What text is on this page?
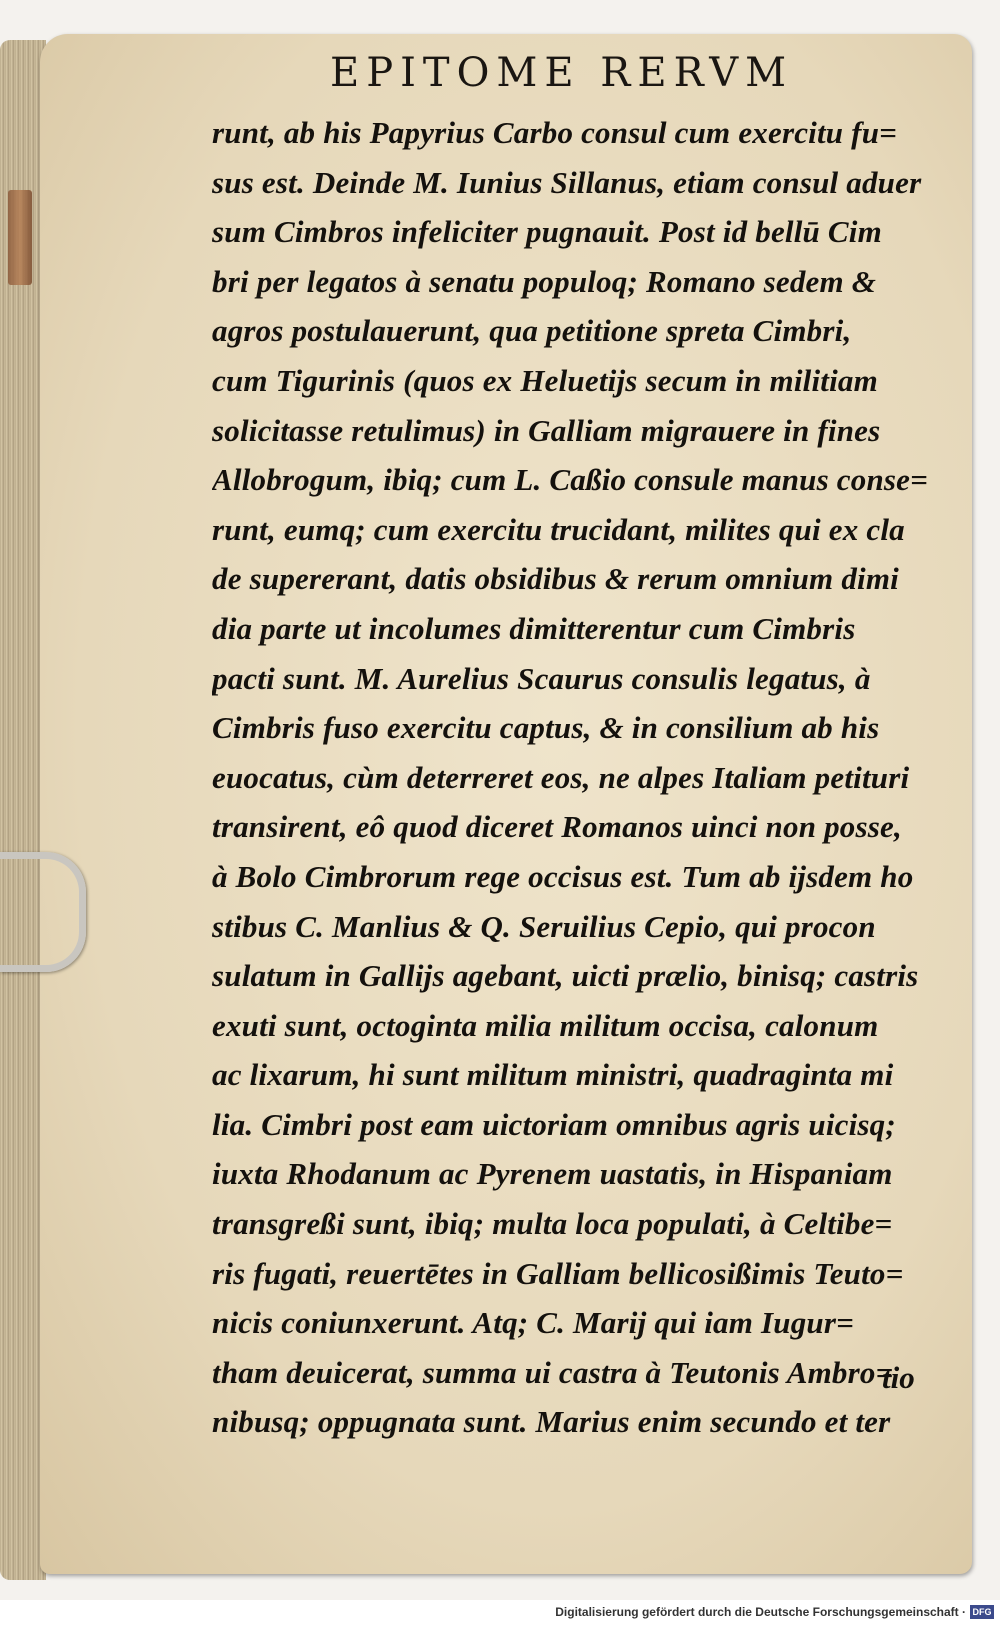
EPITOME RERVM
runt, ab his Papyrius Carbo consul cum exercitu fu=
sus est. Deinde M. Iunius Sillanus, etiam consul aduer
sum Cimbros infeliciter pugnauit. Post id bellū Cim
bri per legatos à senatu populoq; Romano sedem &
agros postulauerunt, qua petitione spreta Cimbri,
cum Tigurinis (quos ex Heluetijs secum in militiam
solicitasse retulimus) in Galliam migrauere in fines
Allobrogum, ibiq; cum L. Caßio consule manus conse=
runt, eumq; cum exercitu trucidant, milites qui ex cla
de supererant, datis obsidibus & rerum omnium dimi
dia parte ut incolumes dimitterentur cum Cimbris
pacti sunt. M. Aurelius Scaurus consulis legatus, à
Cimbris fuso exercitu captus, & in consilium ab his
euocatus, cùm deterreret eos, ne alpes Italiam petituri
transirent, eô quod diceret Romanos uinci non posse,
à Bolo Cimbrorum rege occisus est. Tum ab ijsdem ho
stibus C. Manlius & Q. Seruilius Cepio, qui procon
sulatum in Gallijs agebant, uicti prælio, binisq; castris
exuti sunt, octoginta milia militum occisa, calonum
ac lixarum, hi sunt militum ministri, quadraginta mi
lia. Cimbri post eam uictoriam omnibus agris uicisq;
iuxta Rhodanum ac Pyrenem uastatis, in Hispaniam
transgreßi sunt, ibiq; multa loca populati, à Celtibe=
ris fugati, reuertētes in Galliam bellicosißimis Teuto=
nicis coniunxerunt. Atq; C. Marij qui iam Iugur=
tham deuicerat, summa ui castra à Teutonis Ambro=
nibusq; oppugnata sunt. Marius enim secundo et ter
tio
Digitalisierung gefördert durch die Deutsche Forschungsgemeinschaft · DFG
